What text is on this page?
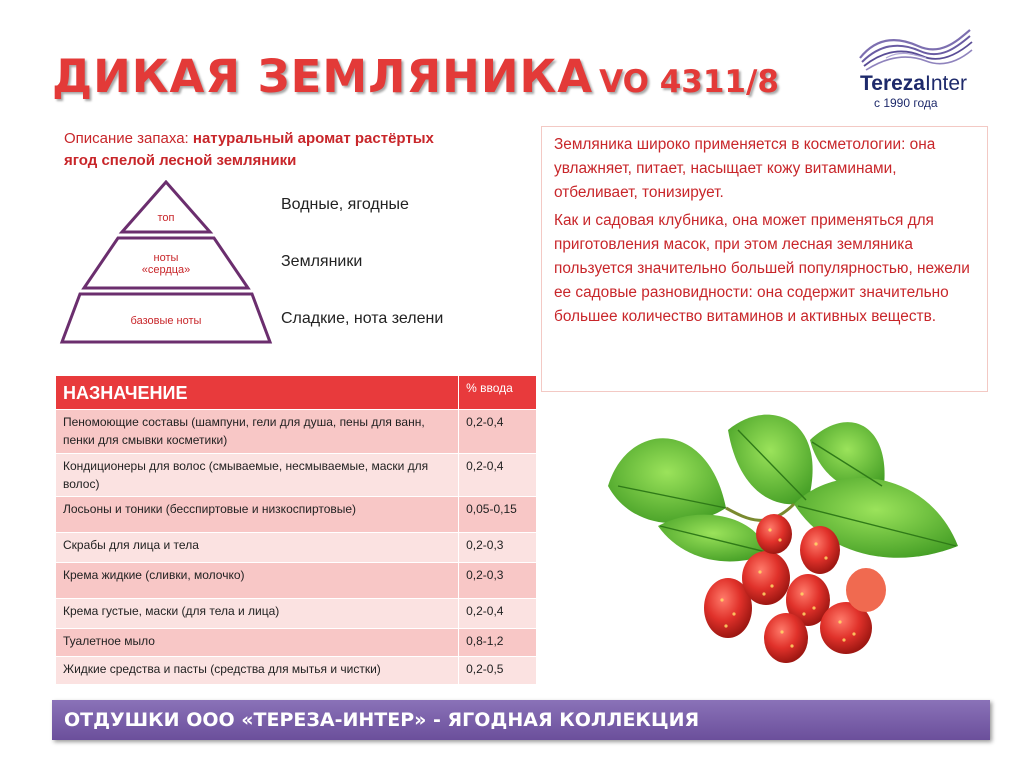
ДИКАЯ ЗЕМЛЯНИКА VO 4311/8	TerezaInter
с 1990 года
Описание запаха: натуральный аромат растёртых ягод спелой лесной земляники
топ
ноты
«сердца»
базовые ноты
Водные, ягодные
Земляники
Сладкие, нота зелени

Земляника широко применяется в косметологии: она увлажняет, питает, насыщает кожу витаминами, отбеливает, тонизирует.

Как и садовая клубника, она может применяться для приготовления масок, при этом лесная земляника пользуется значительно большей популярностью, нежели ее садовые разновидности: она содержит значительно большее количество витаминов и активных веществ.

НАЗНАЧЕНИЕ	% ввода
Пеномоющие составы (шампуни, гели для душа, пены для ванн, пенки для смывки косметики)	0,2-0,4
Кондиционеры для волос (смываемые, несмываемые, маски для волос)	0,2-0,4
Лосьоны и тоники (бесспиртовые и низкоспиртовые)	0,05-0,15
Скрабы для лица и тела	0,2-0,3
Крема жидкие (сливки, молочко)	0,2-0,3
Крема густые, маски (для тела и лица)	0,2-0,4
Туалетное мыло	0,8-1,2
Жидкие средства и пасты (средства для мытья и чистки)	0,2-0,5
ОТДУШКИ ООО «ТЕРЕЗА-ИНТЕР» - ЯГОДНАЯ КОЛЛЕКЦИЯ
